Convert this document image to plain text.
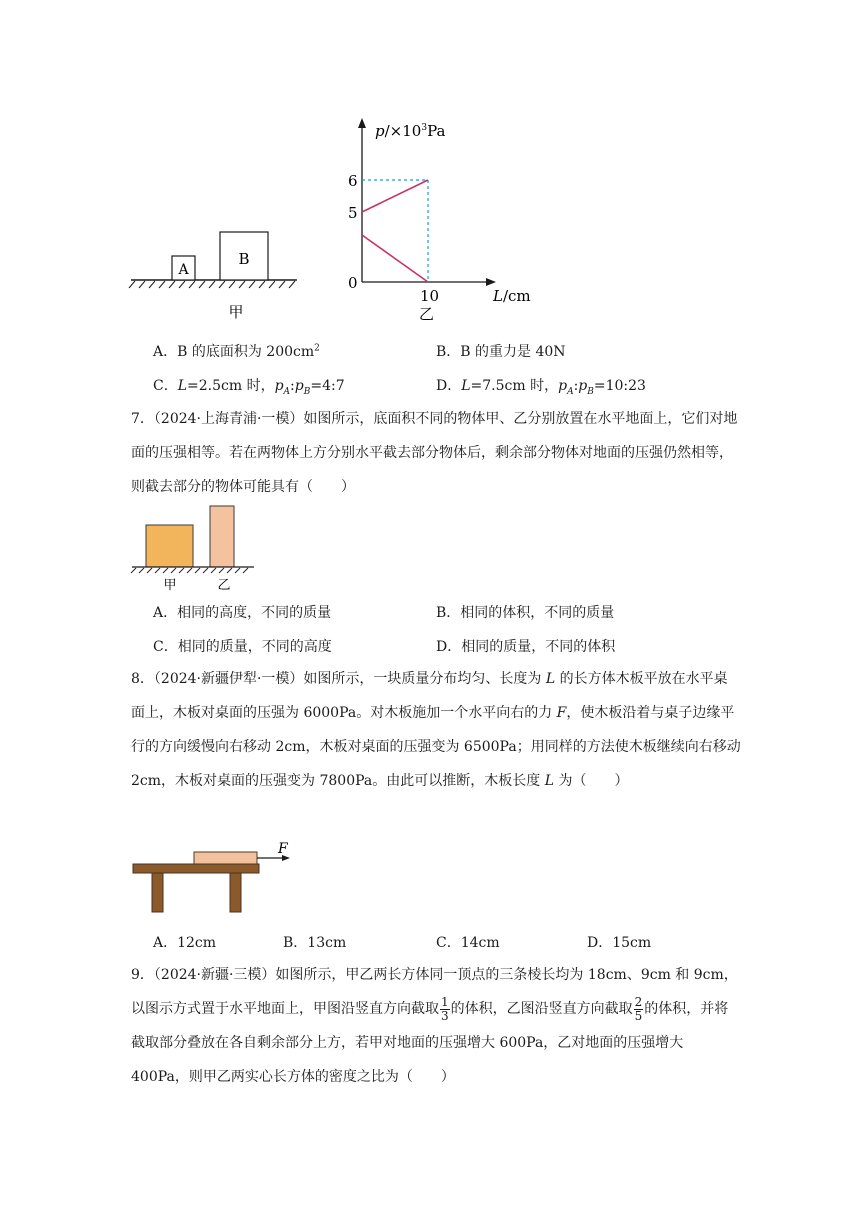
A
B
甲
$p/\times 10^3Pa$
6
5
0
10	L/cm
乙
A．B 的底面积为 $200cm^2$	B．B 的重力是 40N
C．L=2.5cm 时，$p_A:p_B=4:7$	D．L=7.5cm 时，$p_A:p_B=10:23$
7．（2024·上海青浦·一模）如图所示，底面积不同的物体甲、乙分别放置在水平地面上，它们对地面的压强相等。若在两物体上方分别水平截去部分物体后，剩余部分物体对地面的压强仍然相等，则截去部分的物体可能具有（　　）
甲	乙
A．相同的高度，不同的质量	B．相同的体积，不同的质量
C．相同的质量，不同的高度	D．相同的质量，不同的体积
8．（2024·新疆伊犁·一模）如图所示，一块质量分布均匀、长度为 L 的长方体木板平放在水平桌面上，木板对桌面的压强为 6000Pa。对木板施加一个水平向右的力 F，使木板沿着与桌子边缘平行的方向缓慢向右移动 2cm，木板对桌面的压强变为 6500Pa；用同样的方法使木板继续向右移动 2cm，木板对桌面的压强变为 7800Pa。由此可以推断，木板长度 L 为（　　）
F
A．12cm	B．13cm	C．14cm	D．15cm
9．（2024·新疆·三模）如图所示，甲乙两长方体同一顶点的三条棱长均为 18cm、9cm 和 9cm，以图示方式置于水平地面上，甲图沿竖直方向截取 $\frac{1}{3}$ 的体积，乙图沿竖直方向截取 $\frac{2}{5}$ 的体积，并将截取部分叠放在各自剩余部分上方，若甲对地面的压强增大 600Pa，乙对地面的压强增大 400Pa，则甲乙两实心长方体的密度之比为（　　）
